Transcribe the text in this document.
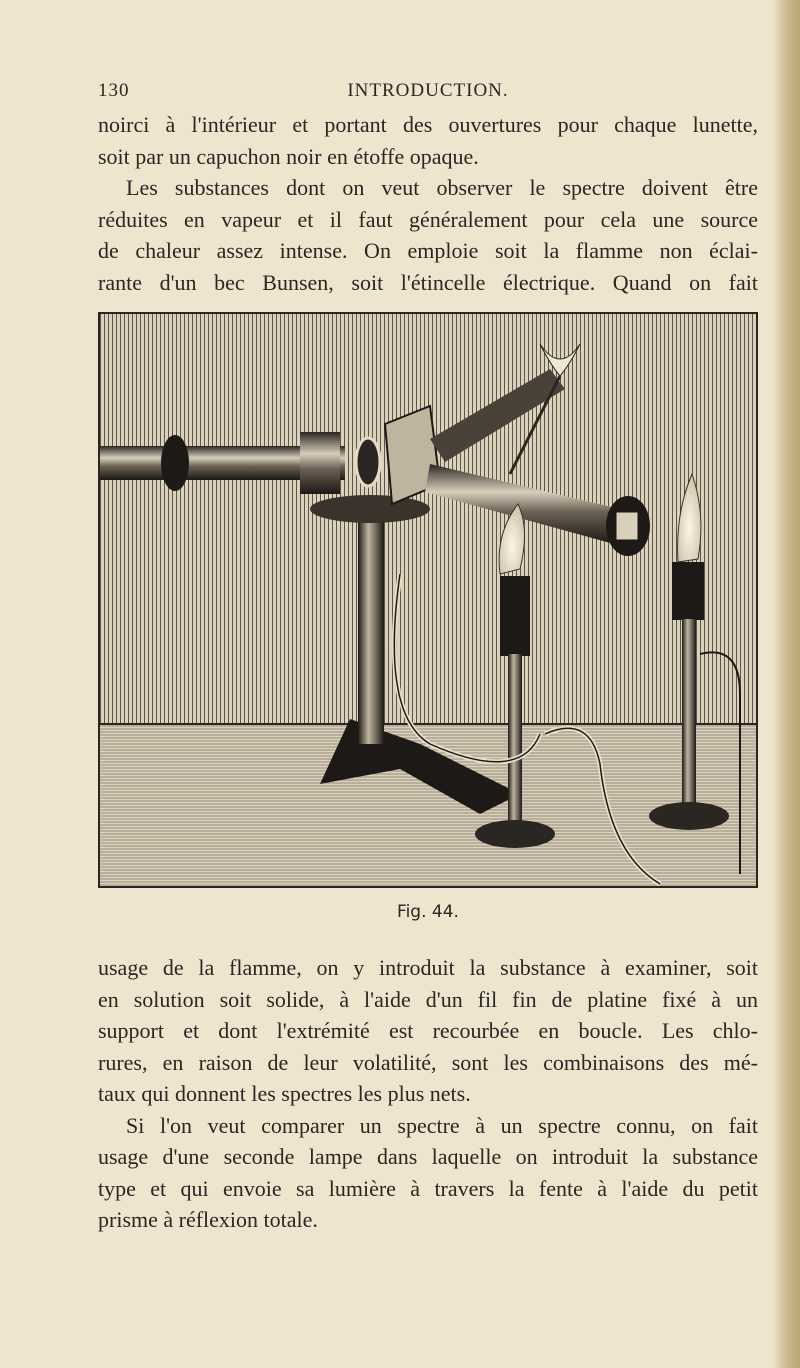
130	INTRODUCTION.
noirci à l'intérieur et portant des ouvertures pour chaque lunette,
soit par un capuchon noir en étoffe opaque.
Les substances dont on veut observer le spectre doivent être
réduites en vapeur et il faut généralement pour cela une source
de chaleur assez intense. On emploie soit la flamme non éclai-
rante d'un bec Bunsen, soit l'étincelle électrique. Quand on fait
Fig. 44.
usage de la flamme, on y introduit la substance à examiner, soit
en solution soit solide, à l'aide d'un fil fin de platine fixé à un
support et dont l'extrémité est recourbée en boucle. Les chlo-
rures, en raison de leur volatilité, sont les combinaisons des mé-
taux qui donnent les spectres les plus nets.
Si l'on veut comparer un spectre à un spectre connu, on fait
usage d'une seconde lampe dans laquelle on introduit la substance
type et qui envoie sa lumière à travers la fente à l'aide du petit
prisme à réflexion totale.
